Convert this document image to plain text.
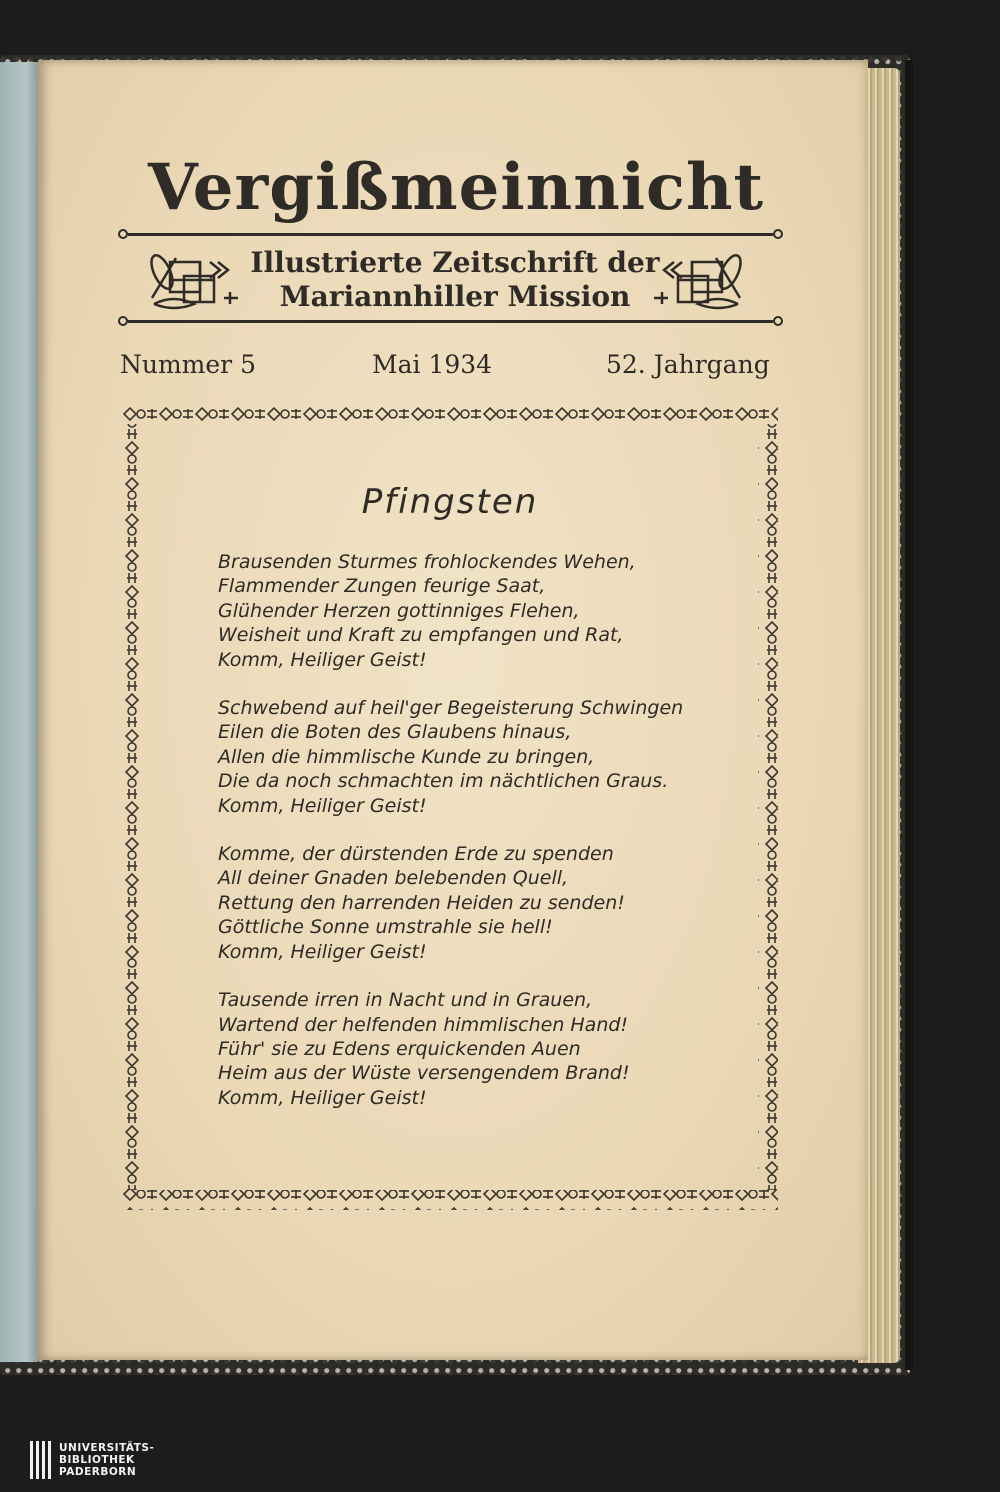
Vergißmeinnicht
Illustrierte Zeitschrift der
Mariannhiller Mission
Nummer 5	Mai 1934	52. Jahrgang
Pfingsten
Brausenden Sturmes frohlockendes Wehen,
Flammender Zungen feurige Saat,
Glühender Herzen gottinniges Flehen,
Weisheit und Kraft zu empfangen und Rat,
Komm, Heiliger Geist!
Schwebend auf heil'ger Begeisterung Schwingen
Eilen die Boten des Glaubens hinaus,
Allen die himmlische Kunde zu bringen,
Die da noch schmachten im nächtlichen Graus.
Komm, Heiliger Geist!
Komme, der dürstenden Erde zu spenden
All deiner Gnaden belebenden Quell,
Rettung den harrenden Heiden zu senden!
Göttliche Sonne umstrahle sie hell!
Komm, Heiliger Geist!
Tausende irren in Nacht und in Grauen,
Wartend der helfenden himmlischen Hand!
Führ' sie zu Edens erquickenden Auen
Heim aus der Wüste versengendem Brand!
Komm, Heiliger Geist!
UNIVERSITÄTS-
BIBLIOTHEK
PADERBORN
